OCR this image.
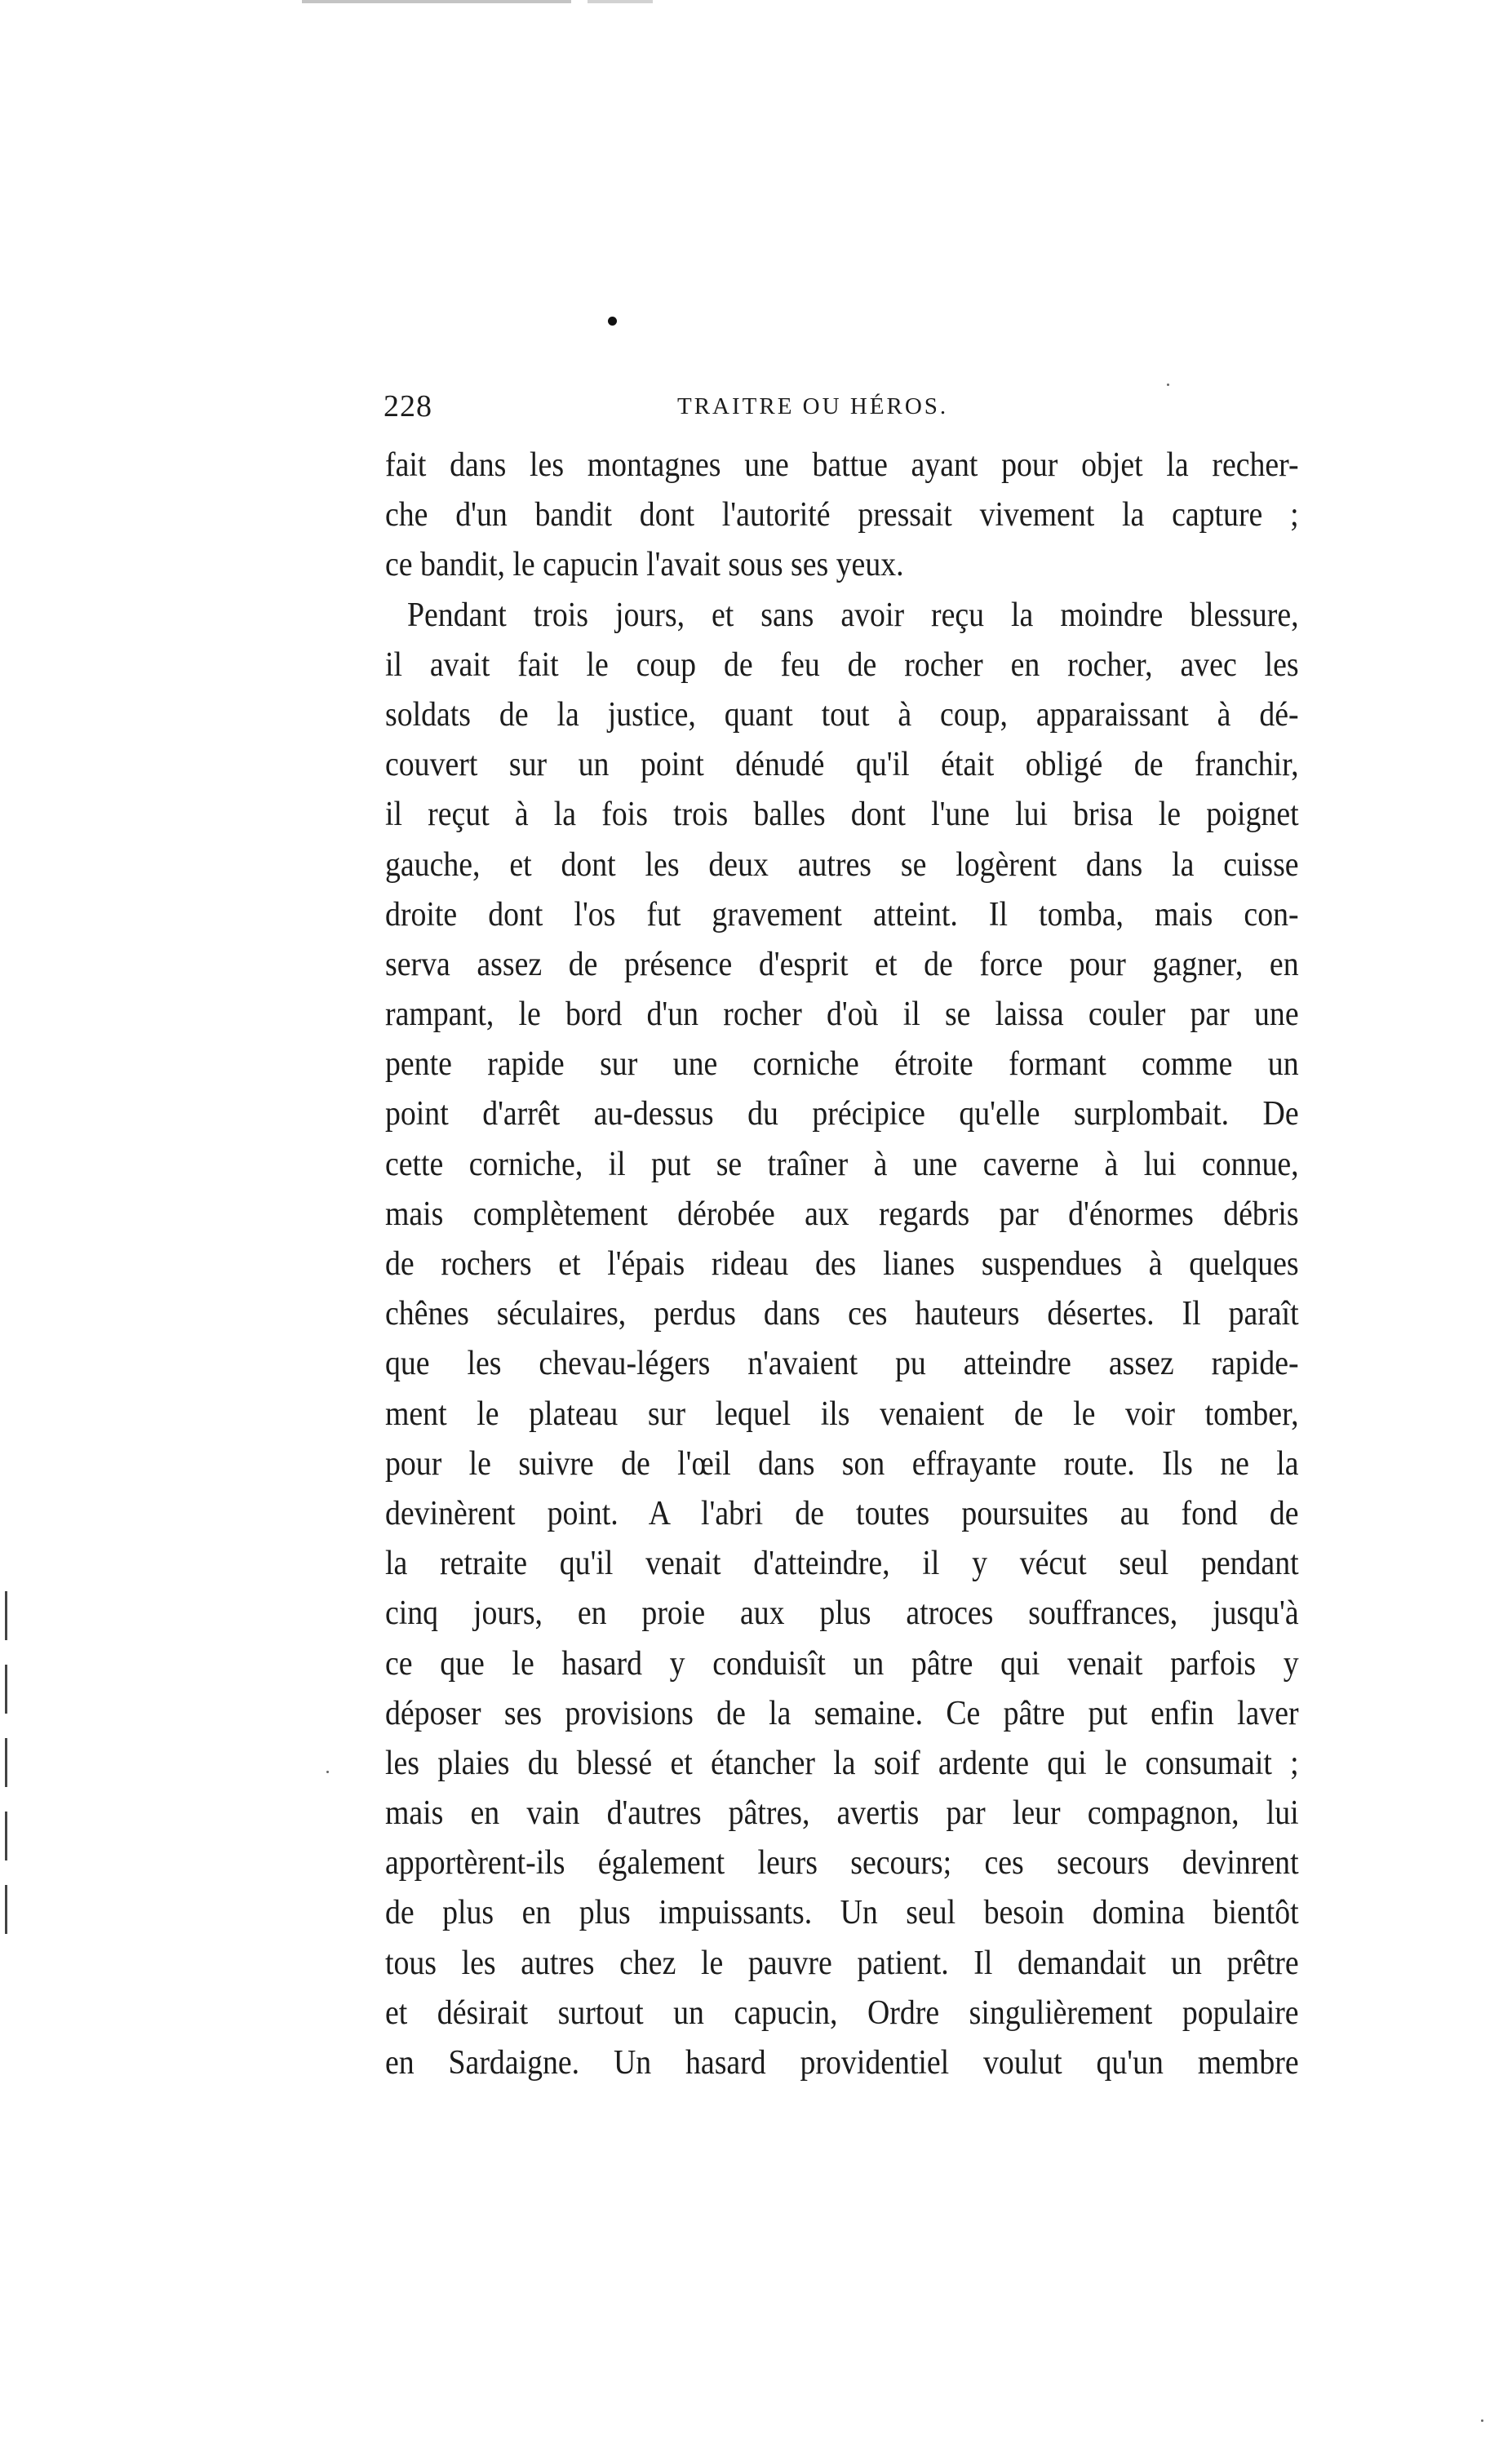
228	TRAITRE OU HÉROS.
fait dans les montagnes une battue ayant pour objet la recher-
che d'un bandit dont l'autorité pressait vivement la capture ;
ce bandit, le capucin l'avait sous ses yeux.
Pendant trois jours, et sans avoir reçu la moindre blessure,
il avait fait le coup de feu de rocher en rocher, avec les
soldats de la justice, quant tout à coup, apparaissant à dé-
couvert sur un point dénudé qu'il était obligé de franchir,
il reçut à la fois trois balles dont l'une lui brisa le poignet
gauche, et dont les deux autres se logèrent dans la cuisse
droite dont l'os fut gravement atteint. Il tomba, mais con-
serva assez de présence d'esprit et de force pour gagner, en
rampant, le bord d'un rocher d'où il se laissa couler par une
pente rapide sur une corniche étroite formant comme un
point d'arrêt au-dessus du précipice qu'elle surplombait. De
cette corniche, il put se traîner à une caverne à lui connue,
mais complètement dérobée aux regards par d'énormes débris
de rochers et l'épais rideau des lianes suspendues à quelques
chênes séculaires, perdus dans ces hauteurs désertes. Il paraît
que les chevau-légers n'avaient pu atteindre assez rapide-
ment le plateau sur lequel ils venaient de le voir tomber,
pour le suivre de l'œil dans son effrayante route. Ils ne la
devinèrent point. A l'abri de toutes poursuites au fond de
la retraite qu'il venait d'atteindre, il y vécut seul pendant
cinq jours, en proie aux plus atroces souffrances, jusqu'à
ce que le hasard y conduisît un pâtre qui venait parfois y
déposer ses provisions de la semaine. Ce pâtre put enfin laver
les plaies du blessé et étancher la soif ardente qui le consumait ;
mais en vain d'autres pâtres, avertis par leur compagnon, lui
apportèrent-ils également leurs secours; ces secours devinrent
de plus en plus impuissants. Un seul besoin domina bientôt
tous les autres chez le pauvre patient. Il demandait un prêtre
et désirait surtout un capucin, Ordre singulièrement populaire
en Sardaigne. Un hasard providentiel voulut qu'un membre
